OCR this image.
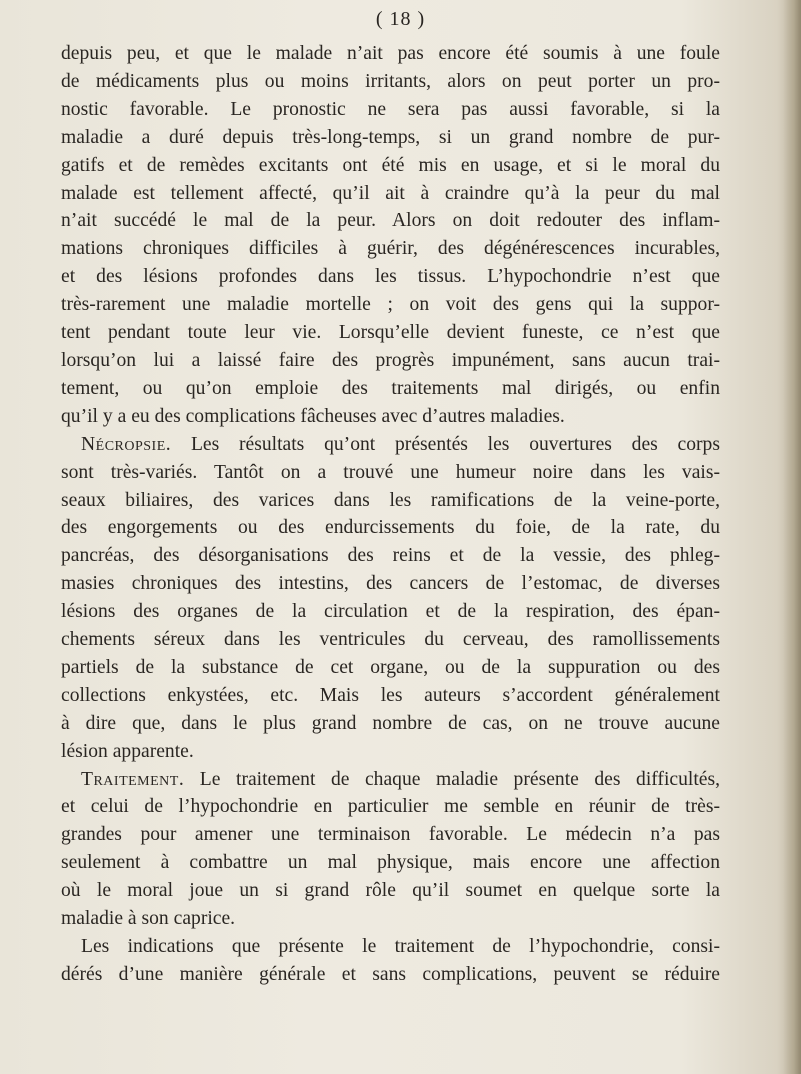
( 18 )
depuis peu, et que le malade n’ait pas encore été soumis à une foule
de médicaments plus ou moins irritants, alors on peut porter un pro-
nostic favorable. Le pronostic ne sera pas aussi favorable, si la
maladie a duré depuis très-long-temps, si un grand nombre de pur-
gatifs et de remèdes excitants ont été mis en usage, et si le moral du
malade est tellement affecté, qu’il ait à craindre qu’à la peur du mal
n’ait succédé le mal de la peur. Alors on doit redouter des inflam-
mations chroniques difficiles à guérir, des dégénérescences incurables,
et des lésions profondes dans les tissus. L’hypochondrie n’est que
très-rarement une maladie mortelle ; on voit des gens qui la suppor-
tent pendant toute leur vie. Lorsqu’elle devient funeste, ce n’est que
lorsqu’on lui a laissé faire des progrès impunément, sans aucun trai-
tement, ou qu’on emploie des traitements mal dirigés, ou enfin
qu’il y a eu des complications fâcheuses avec d’autres maladies.
Nécropsie. Les résultats qu’ont présentés les ouvertures des corps
sont très-variés. Tantôt on a trouvé une humeur noire dans les vais-
seaux biliaires, des varices dans les ramifications de la veine-porte,
des engorgements ou des endurcissements du foie, de la rate, du
pancréas, des désorganisations des reins et de la vessie, des phleg-
masies chroniques des intestins, des cancers de l’estomac, de diverses
lésions des organes de la circulation et de la respiration, des épan-
chements séreux dans les ventricules du cerveau, des ramollissements
partiels de la substance de cet organe, ou de la suppuration ou des
collections enkystées, etc. Mais les auteurs s’accordent généralement
à dire que, dans le plus grand nombre de cas, on ne trouve aucune
lésion apparente.
Traitement. Le traitement de chaque maladie présente des difficultés,
et celui de l’hypochondrie en particulier me semble en réunir de très-
grandes pour amener une terminaison favorable. Le médecin n’a pas
seulement à combattre un mal physique, mais encore une affection
où le moral joue un si grand rôle qu’il soumet en quelque sorte la
maladie à son caprice.
Les indications que présente le traitement de l’hypochondrie, consi-
dérés d’une manière générale et sans complications, peuvent se réduire
